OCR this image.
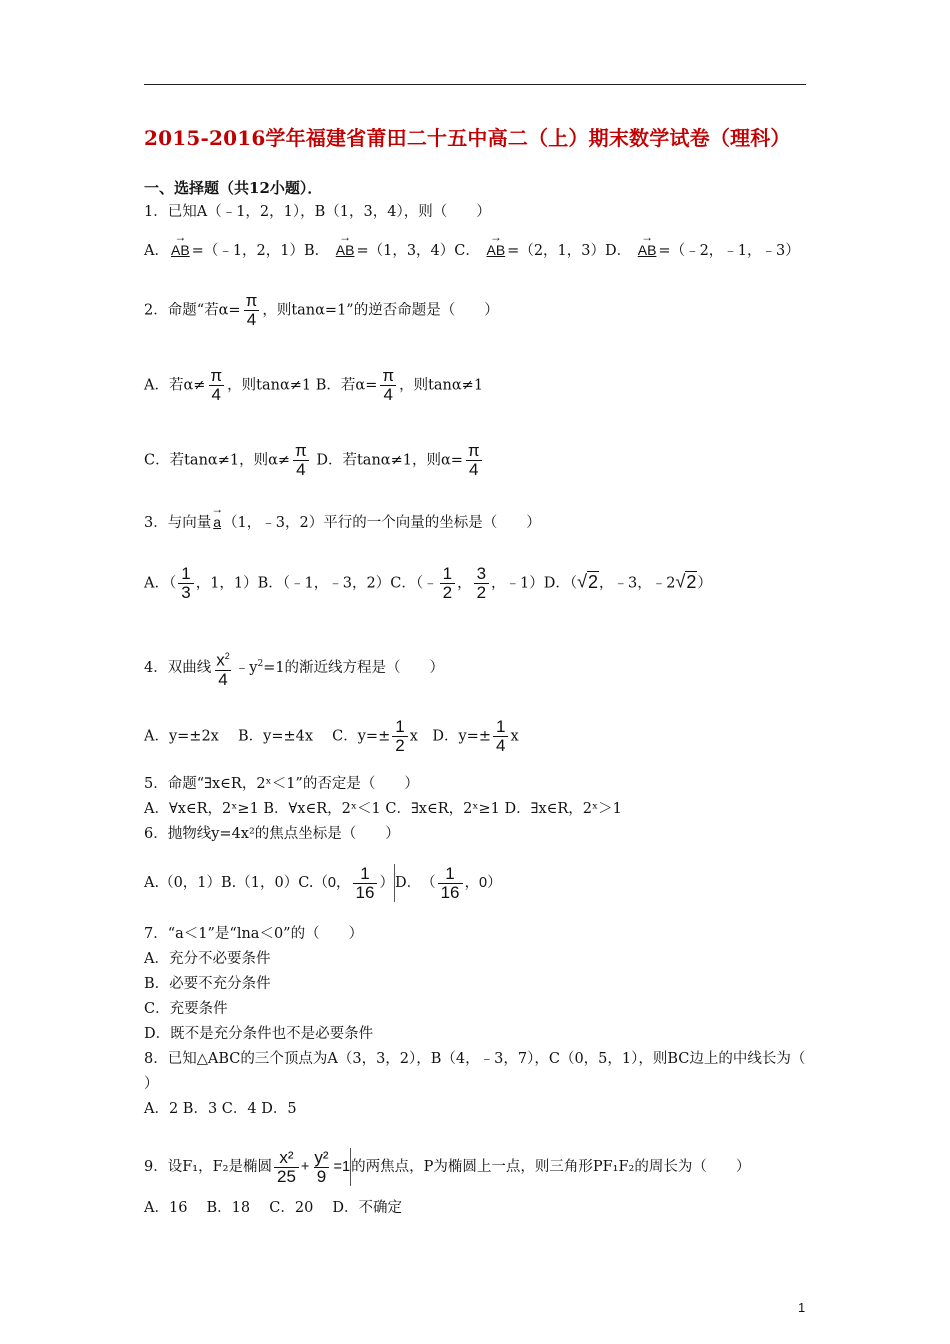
2015-2016学年福建省莆田二十五中高二（上）期末数学试卷（理科）
一、选择题（共12小题）．
1．已知A（﹣1，2，1），B（1，3，4），则（　　）
A． → AB =（﹣1，2，1）B． → AB =（1，3，4）C． → AB =（2，1，3）D． → AB =（﹣2，﹣1，﹣3）
2．命题“若$\alpha= \frac{\pi}{4}$ ，则tanα=1”的逆否命题是（　　）
A．若$\alpha\ne \frac{\pi}{4}$ ，则tanα≠1 B．若$\alpha= \frac{\pi}{4}$ ，则tanα≠1
C．若tanα≠1，则$\alpha\ne \frac{\pi}{4}$ D．若tanα≠1，则$\alpha= \frac{\pi}{4}$
3．与向量 → a （1，﹣3，2）平行的一个向量的坐标是（　　）
A．（ $\frac{1}{3}$ ，1，1）B．（﹣1，﹣3，2）C．（﹣ $\frac{1}{2}$ ， $\frac{3}{2}$ ，﹣1）D．（√2，﹣3，﹣2√2）
4．双曲线 $\frac{x^2}{4}$ $﹣y^2=1$的渐近线方程是（　　）
A．y=±2x　 B．y=±4x　 C．$y=\pm \frac{1}{2}$ x　D．$y=\pm \frac{1}{4}$ x
5．命题“∃x∈R，2ˣ＜1”的否定是（　　）
A．∀x∈R，2ˣ≥1 B．∀x∈R，2ˣ＜1 C．∃x∈R，2ˣ≥1 D．∃x∈R，2ˣ＞1
6．抛物线y=4x²的焦点坐标是（　　）
A.（0，1）B.（1，0）C. （0， $\frac{1}{16}$ ） D． （ $\frac{1}{16}$ ，0）
7．“a＜1”是“lna＜0”的（　　）
A．充分不必要条件
B．必要不充分条件
C．充要条件
D．既不是充分条件也不是必要条件
8．已知△ABC的三个顶点为A（3，3，2），B（4，﹣3，7），C（0，5，1），则BC边上的中线长为（
）
A．2 B．3 C．4 D．5
9．设F₁，F₂是椭圆 $\frac{\text{x²}}{25} + \frac{\text{y²}}{9} =1$ 的两焦点，P为椭圆上一点，则三角形PF₁F₂的周长为（　　）
A．16　 B．18　 C．20　 D．不确定
1
